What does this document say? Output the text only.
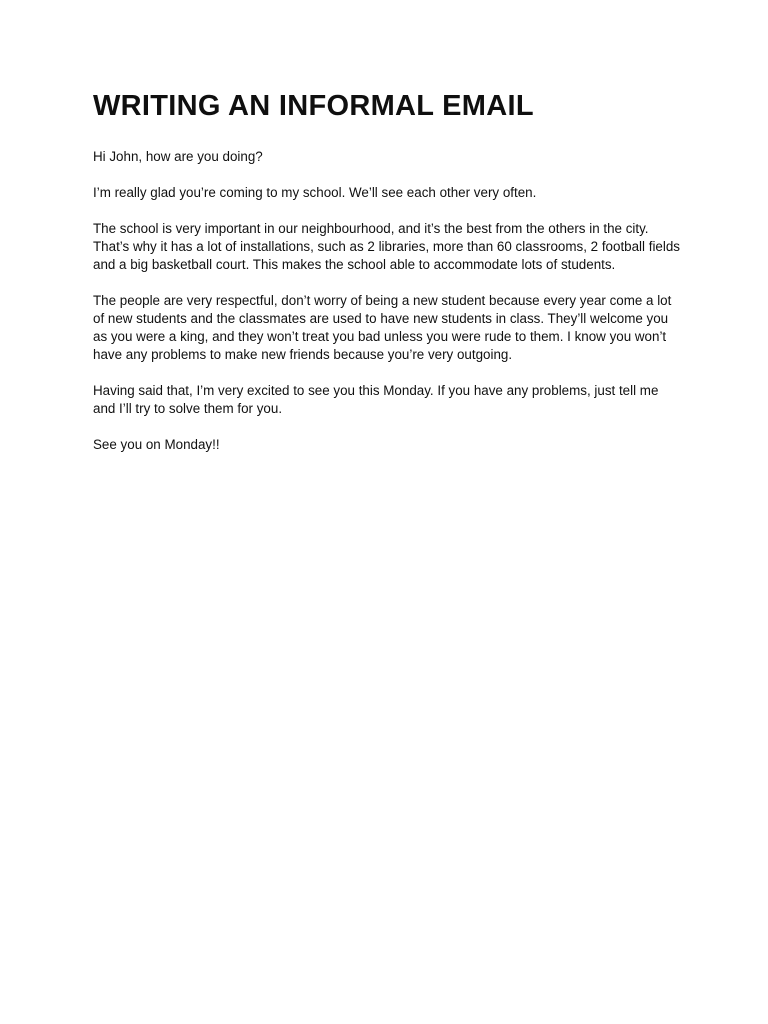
WRITING AN INFORMAL EMAIL

Hi John, how are you doing?

I’m really glad you’re coming to my school. We’ll see each other very often.

The school is very important in our neighbourhood, and it’s the best from the others in the city.  That’s why it has a lot of installations, such as 2 libraries, more than 60 classrooms, 2 football fields and a big basketball court. This makes the school able to accommodate lots of students.

The people are very respectful, don’t worry of being a new student because every year come a lot of new students and the classmates are used to have new students in class. They’ll welcome you as you were a king, and they won’t treat you bad unless you were rude to them. I know you won’t have any problems to make new friends because you’re very outgoing.

Having said that, I’m very excited to see you this Monday. If you have any problems, just tell me and I’ll try to solve them for you.

See you on Monday!!
